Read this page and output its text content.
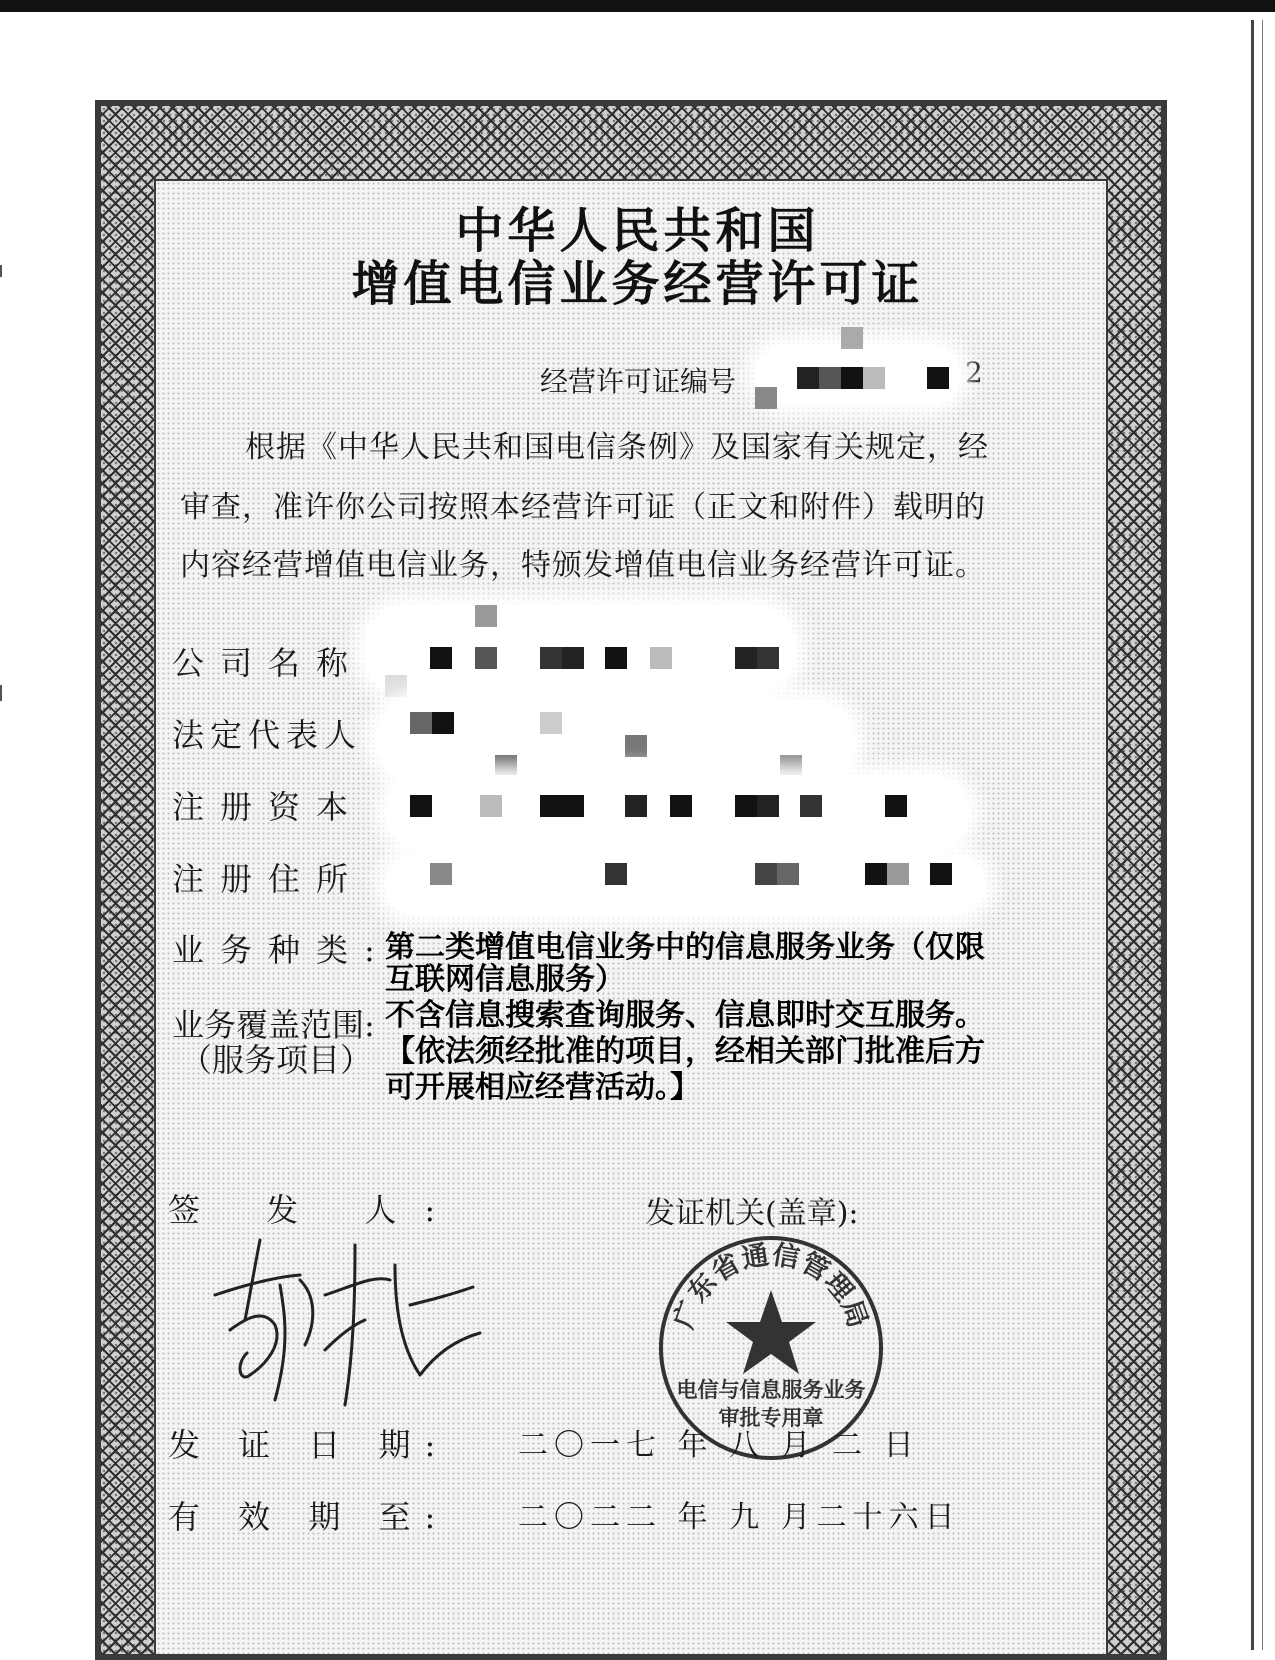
中华人民共和国
增值电信业务经营许可证
经营许可证编号	2
根据《中华人民共和国电信条例》及国家有关规定，经
审查，准许你公司按照本经营许可证（正文和附件）载明的
内容经营增值电信业务，特颁发增值电信业务经营许可证。
公司名称
法定代表人
注册资本
注册住所
业务种类:
第二类增值电信业务中的信息服务业务（仅限
互联网信息服务）
业务覆盖范围:
（服务项目）
不含信息搜索查询服务、信息即时交互服务。
【依法须经批准的项目，经相关部门批准后方
可开展相应经营活动。】
签 发 人:	发证机关(盖章):
广东省通信管理局
电信与信息服务业务
审批专用章
发 证 日 期: 二〇一七 年 八 月 二 日
有 效 期 至: 二〇二二 年 九 月二十六日
